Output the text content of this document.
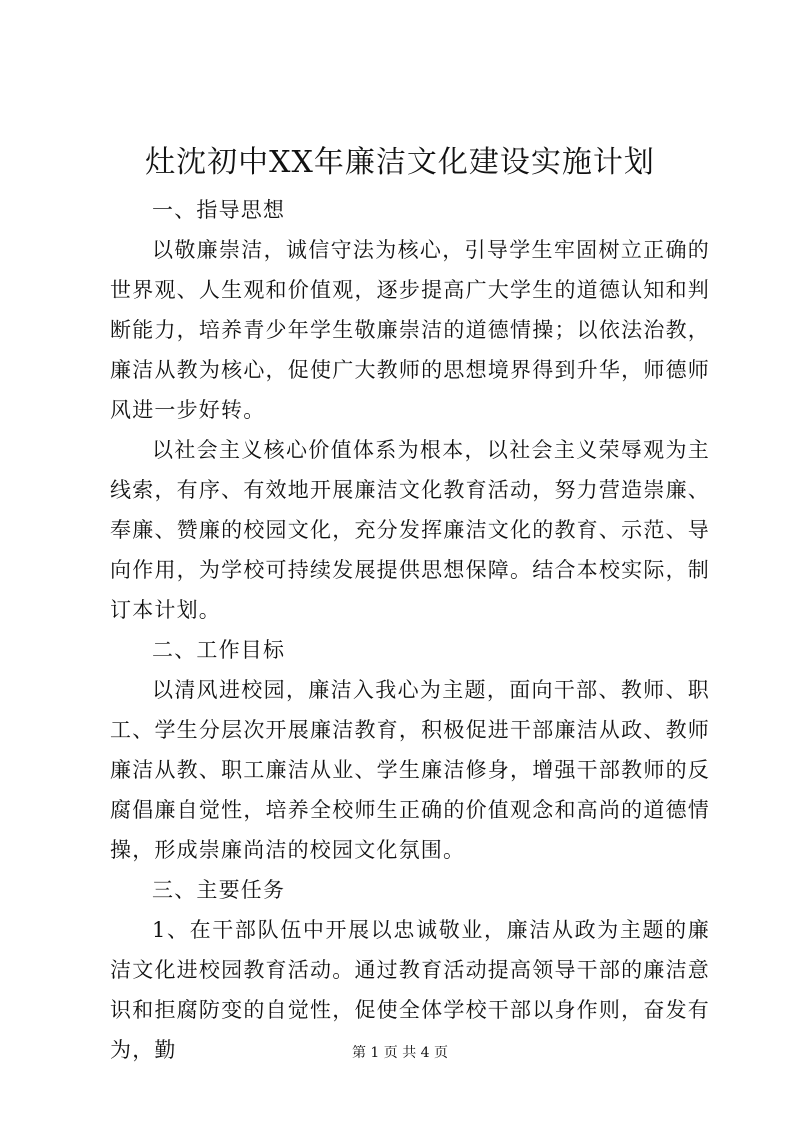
灶沈初中XX年廉洁文化建设实施计划
一、指导思想

以敬廉崇洁，诚信守法为核心，引导学生牢固树立正确的世界观、人生观和价值观，逐步提高广大学生的道德认知和判断能力，培养青少年学生敬廉崇洁的道德情操；以依法治教，廉洁从教为核心，促使广大教师的思想境界得到升华，师德师风进一步好转。

以社会主义核心价值体系为根本，以社会主义荣辱观为主线索，有序、有效地开展廉洁文化教育活动，努力营造崇廉、奉廉、赞廉的校园文化，充分发挥廉洁文化的教育、示范、导向作用，为学校可持续发展提供思想保障。结合本校实际，制订本计划。

二、工作目标

以清风进校园，廉洁入我心为主题，面向干部、教师、职工、学生分层次开展廉洁教育，积极促进干部廉洁从政、教师廉洁从教、职工廉洁从业、学生廉洁修身，增强干部教师的反腐倡廉自觉性，培养全校师生正确的价值观念和高尚的道德情操，形成崇廉尚洁的校园文化氛围。

三、主要任务

1、在干部队伍中开展以忠诚敬业，廉洁从政为主题的廉洁文化进校园教育活动。通过教育活动提高领导干部的廉洁意识和拒腐防变的自觉性，促使全体学校干部以身作则，奋发有为，勤	第 1 页 共 4 页
